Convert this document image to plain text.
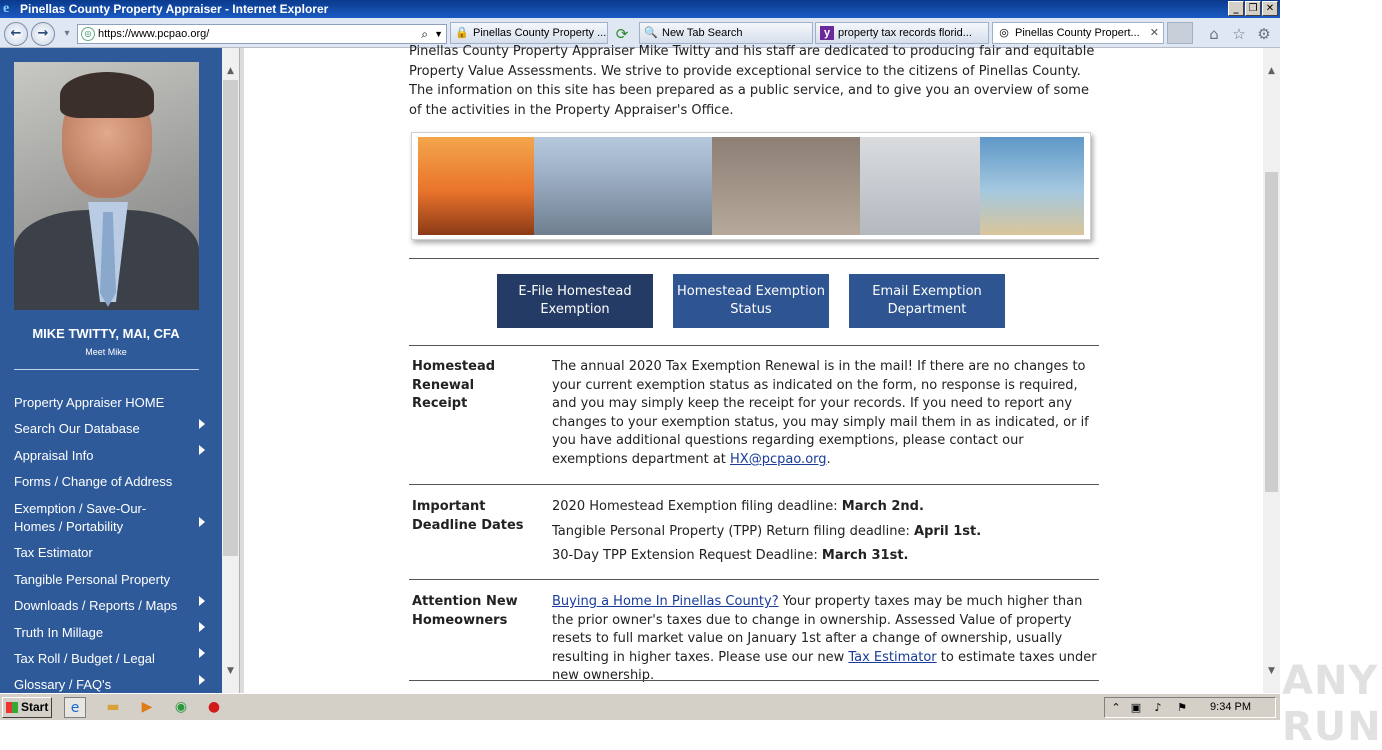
e Pinellas County Property Appraiser - Internet Explorer	_	❐ ✕
←	→	▾	◎ https://www.pcpao.org/	⌕ ▼ 🔒 Pinellas County Property ... ⟳ 🔍 New Tab Search	y property tax records florid...	◎ Pinellas County Propert... ✕	⌂ ☆ ⚙
MIKE TWITTY, MAI, CFA
Meet Mike
Property Appraiser HOME
Search Our Database
Appraisal Info
Forms / Change of Address
Exemption / Save-Our-Homes / Portability
Tax Estimator
Tangible Personal Property
Downloads / Reports / Maps
Truth In Millage
Tax Roll / Budget / Legal
Glossary / FAQ's
▲
▼
Pinellas County Property Appraiser Mike Twitty and his staff are dedicated to producing fair and equitable
Property Value Assessments. We strive to provide exceptional service to the citizens of Pinellas County. The information on this site has been prepared as a public service, and to give you an overview of some of the activities in the Property Appraiser's Office.
E-File Homestead Exemption
Homestead Exemption Status
Email Exemption Department
Homestead Renewal Receipt
The annual 2020 Tax Exemption Renewal is in the mail! If there are no changes to your current exemption status as indicated on the form, no response is required, and you may simply keep the receipt for your records. If you need to report any changes to your exemption status, you may simply mail them in as indicated, or if you have additional questions regarding exemptions, please contact our exemptions department at HX@pcpao.org.
Important Deadline Dates
2020 Homestead Exemption filing deadline: March 2nd.
Tangible Personal Property (TPP) Return filing deadline: April 1st.
30-Day TPP Extension Request Deadline: March 31st.
Attention New Homeowners
Buying a Home In Pinellas County? Your property taxes may be much higher than the prior owner's taxes due to change in ownership. Assessed Value of property resets to full market value on January 1st after a change of ownership, usually resulting in higher taxes. Please use our new Tax Estimator to estimate taxes under new ownership.	ANY RUN
▲
▼
Start	e	▬	▶	◉	●	⌃ ▣	♪	⚑ 9:34 PM
